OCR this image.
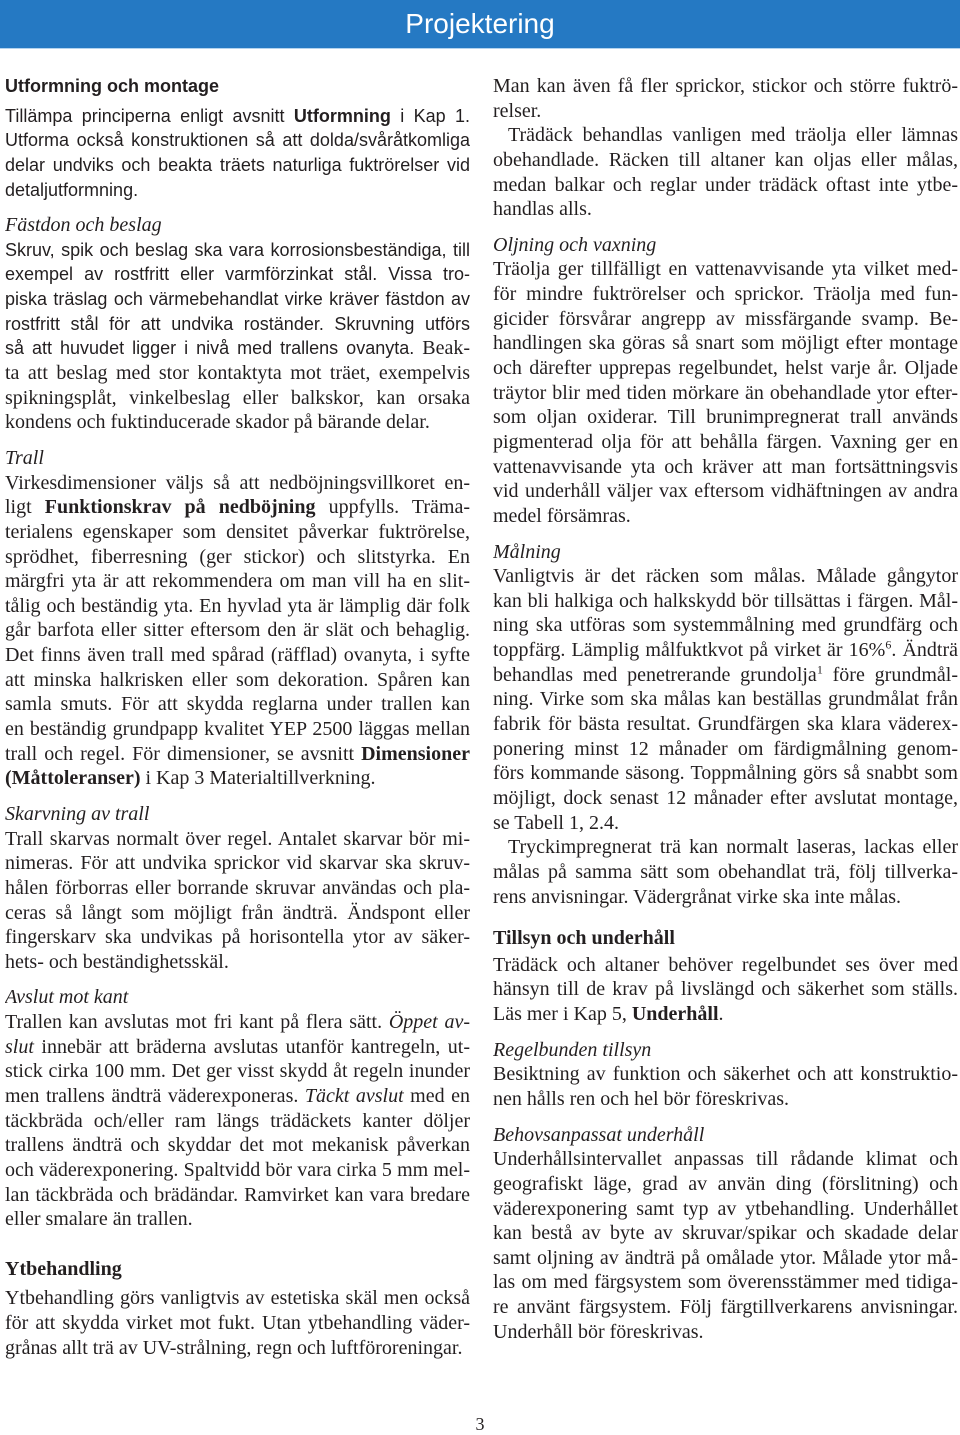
Projektering
Utformning och montage
Tillämpa principerna enligt avsnitt Utformning i Kap 1.
Utforma också konstruktionen så att dolda/svåråtkomliga
delar undviks och beakta träets naturliga fuktrörelser vid
detaljutformning.
Fästdon och beslag
Skruv, spik och beslag ska vara korrosionsbeständiga, till
exempel av rostfritt eller varmförzinkat stål. Vissa tro-
piska träslag och värmebehandlat virke kräver fästdon av
rostfritt stål för att undvika roständer. Skruvning utförs
så att huvudet ligger i nivå med trallens ovanyta. Beak-
ta att beslag med stor kontaktyta mot träet, exempelvis
spikningsplåt, vinkelbeslag eller balkskor, kan orsaka
kondens och fuktinducerade skador på bärande delar.
Trall
Virkesdimensioner väljs så att nedböjningsvillkoret en-
ligt Funktionskrav på nedböjning uppfylls. Träma-
terialens egenskaper som densitet påverkar fuktrörelse,
sprödhet, fiberresning (ger stickor) och slitstyrka. En
märgfri yta är att rekommendera om man vill ha en slit-
tålig och beständig yta. En hyvlad yta är lämplig där folk
går barfota eller sitter eftersom den är slät och behaglig.
Det finns även trall med spårad (räfflad) ovanyta, i syfte
att minska halkrisken eller som dekoration. Spåren kan
samla smuts. För att skydda reglarna under trallen kan
en beständig grundpapp kvalitet YEP 2500 läggas mellan
trall och regel. För dimensioner, se avsnitt Dimensioner
(Måttoleranser) i Kap 3 Materialtillverkning.
Skarvning av trall
Trall skarvas normalt över regel. Antalet skarvar bör mi-
nimeras. För att undvika sprickor vid skarvar ska skruv-
hålen förborras eller borrande skruvar användas och pla-
ceras så långt som möjligt från ändträ. Ändspont eller
fingerskarv ska undvikas på horisontella ytor av säker-
hets- och beständighetsskäl.
Avslut mot kant
Trallen kan avslutas mot fri kant på flera sätt. Öppet av-
slut innebär att bräderna avslutas utanför kantregeln, ut-
stick cirka 100 mm. Det ger visst skydd åt regeln inunder
men trallens ändträ väderexponeras. Täckt avslut med en
täckbräda och/eller ram längs trädäckets kanter döljer
trallens ändträ och skyddar det mot mekanisk påverkan
och väderexponering. Spaltvidd bör vara cirka 5 mm mel-
lan täckbräda och brädändar. Ramvirket kan vara bredare
eller smalare än trallen.
Ytbehandling
Ytbehandling görs vanligtvis av estetiska skäl men också
för att skydda virket mot fukt. Utan ytbehandling väder-
grånas allt trä av UV-strålning, regn och luftföroreningar.
Man kan även få fler sprickor, stickor och större fuktrö-
relser.
Trädäck behandlas vanligen med träolja eller lämnas
obehandlade. Räcken till altaner kan oljas eller målas,
medan balkar och reglar under trädäck oftast inte ytbe-
handlas alls.
Oljning och vaxning
Träolja ger tillfälligt en vattenavvisande yta vilket med-
för mindre fuktrörelser och sprickor. Träolja med fun-
gicider försvårar angrepp av missfärgande svamp. Be-
handlingen ska göras så snart som möjligt efter montage
och därefter upprepas regelbundet, helst varje år. Oljade
träytor blir med tiden mörkare än obehandlade ytor efter-
som oljan oxiderar. Till brunimpregnerat trall används
pigmenterad olja för att behålla färgen. Vaxning ger en
vattenavvisande yta och kräver att man fortsättningsvis
vid underhåll väljer vax eftersom vidhäftningen av andra
medel försämras.
Målning
Vanligtvis är det räcken som målas. Målade gångytor
kan bli halkiga och halkskydd bör tillsättas i färgen. Mål-
ning ska utföras som systemmålning med grundfärg och
toppfärg. Lämplig målfuktkvot på virket är 16%$^6$. Ändträ
behandlas med penetrerande grundolja$^1$ före grundmål-
ning. Virke som ska målas kan beställas grundmålat från
fabrik för bästa resultat. Grundfärgen ska klara väderex-
ponering minst 12 månader om färdigmålning genom-
förs kommande säsong. Toppmålning görs så snabbt som
möjligt, dock senast 12 månader efter avslutat montage,
se Tabell 1, 2.4.
Tryckimpregnerat trä kan normalt laseras, lackas eller
målas på samma sätt som obehandlat trä, följ tillverka-
rens anvisningar. Vädergrånat virke ska inte målas.
Tillsyn och underhåll
Trädäck och altaner behöver regelbundet ses över med
hänsyn till de krav på livslängd och säkerhet som ställs.
Läs mer i Kap 5, Underhåll.
Regelbunden tillsyn
Besiktning av funktion och säkerhet och att konstruktio-
nen hålls ren och hel bör föreskrivas.
Behovsanpassat underhåll
Underhållsintervallet anpassas till rådande klimat och
geografiskt läge, grad av använ ding (förslitning) och
väderexponering samt typ av ytbehandling. Underhållet
kan bestå av byte av skruvar/spikar och skadade delar
samt oljning av ändträ på omålade ytor. Målade ytor må-
las om med färgsystem som överensstämmer med tidiga-
re använt färgsystem. Följ färgtillverkarens anvisningar.
Underhåll bör föreskrivas.
3
